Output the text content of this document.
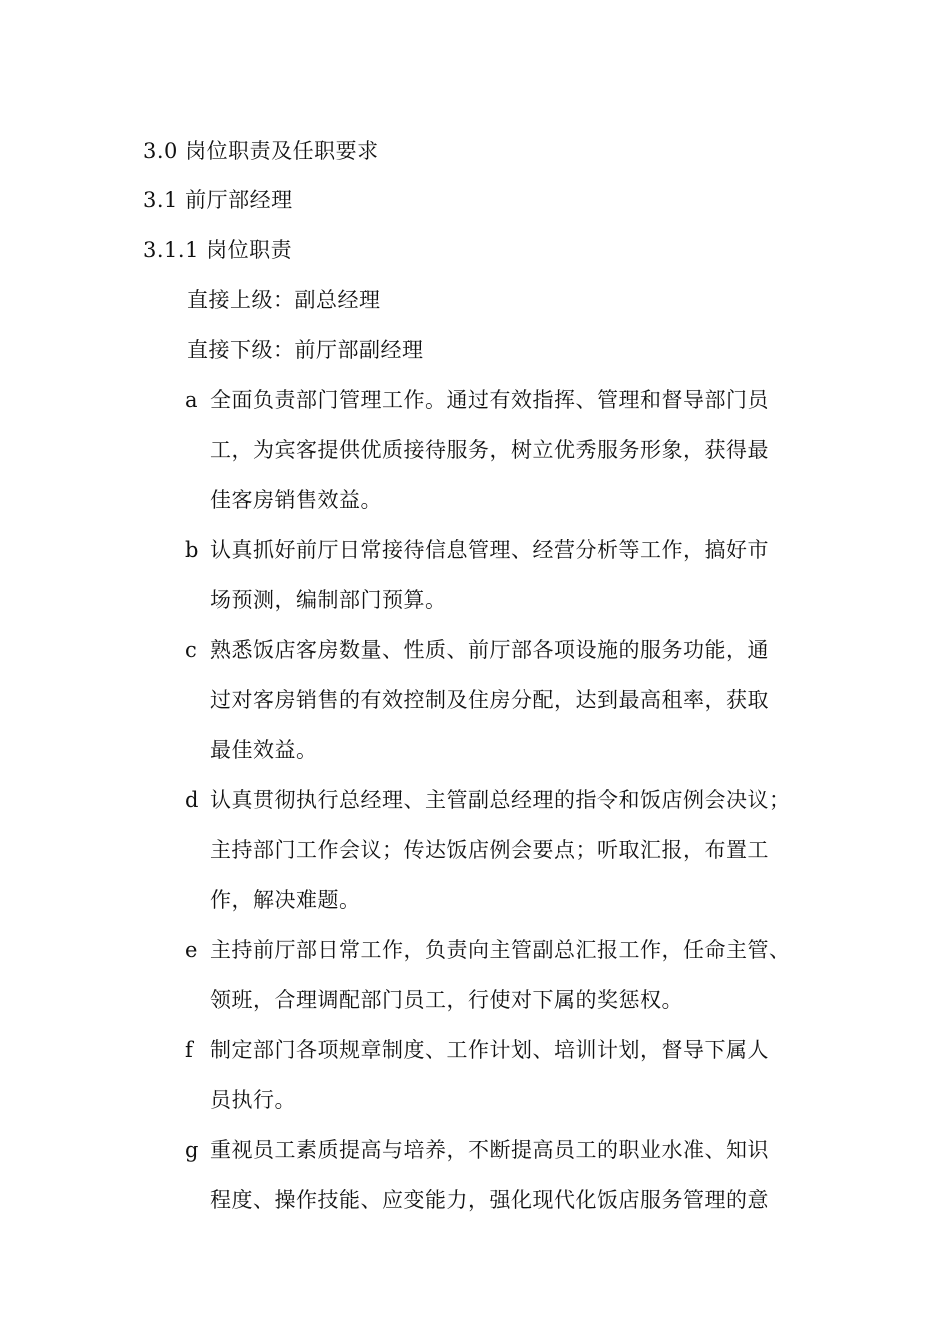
3.0 岗位职责及任职要求
3.1 前厅部经理
3.1.1 岗位职责
直接上级：副总经理
直接下级：前厅部副经理
a 全面负责部门管理工作。通过有效指挥、管理和督导部门员
工，为宾客提供优质接待服务，树立优秀服务形象，获得最
佳客房销售效益。
b 认真抓好前厅日常接待信息管理、经营分析等工作，搞好市
场预测，编制部门预算。
c 熟悉饭店客房数量、性质、前厅部各项设施的服务功能，通
过对客房销售的有效控制及住房分配，达到最高租率，获取
最佳效益。
d 认真贯彻执行总经理、主管副总经理的指令和饭店例会决议；
主持部门工作会议；传达饭店例会要点；听取汇报，布置工
作，解决难题。
e 主持前厅部日常工作，负责向主管副总汇报工作，任命主管、
领班，合理调配部门员工，行使对下属的奖惩权。
f 制定部门各项规章制度、工作计划、培训计划，督导下属人
员执行。
g 重视员工素质提高与培养，不断提高员工的职业水准、知识
程度、操作技能、应变能力，强化现代化饭店服务管理的意
